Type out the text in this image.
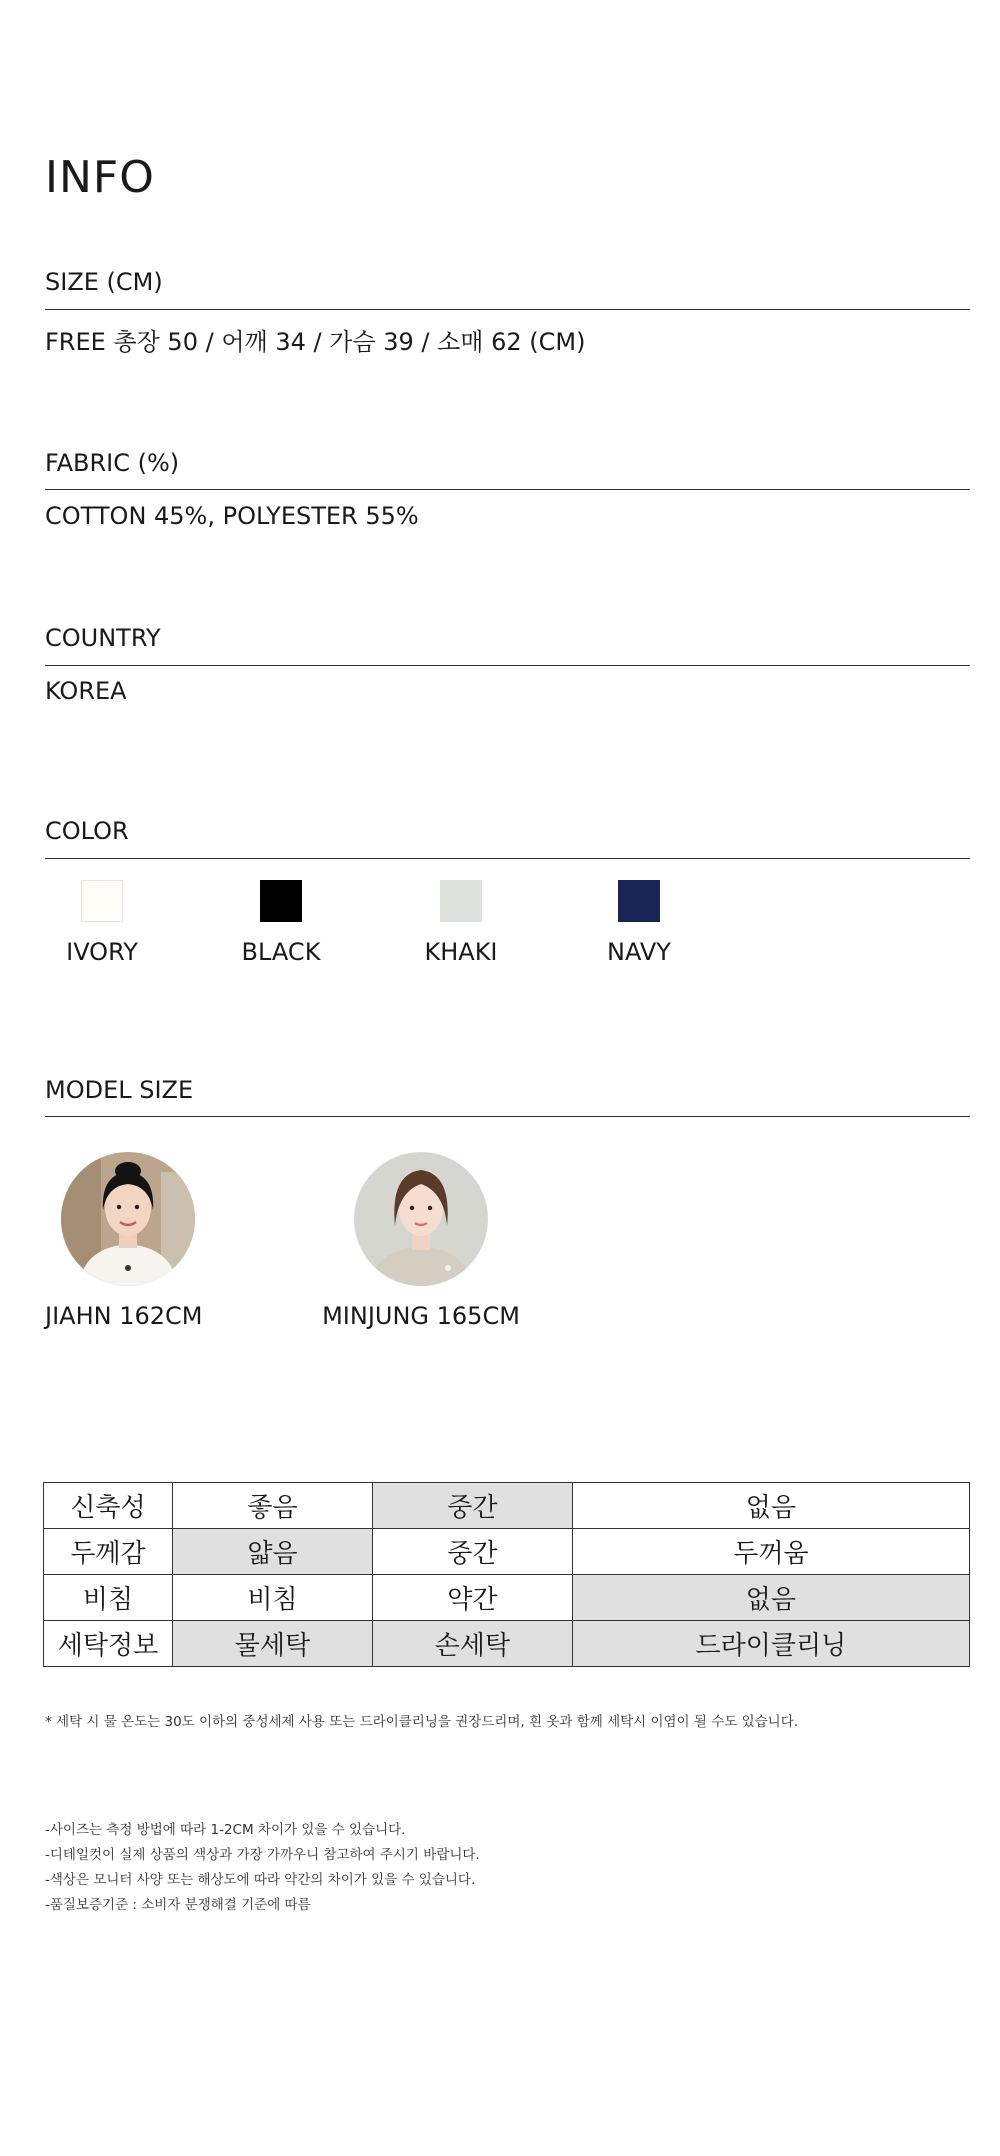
INFO
SIZE (CM)
FREE 총장 50 / 어깨 34 / 가슴 39 / 소매 62 (CM)
FABRIC (%)
COTTON 45%, POLYESTER 55%
COUNTRY
KOREA
COLOR
IVORY	BLACK	KHAKI	NAVY
MODEL SIZE
JIAHN 162CM	MINJUNG 165CM
신축성	좋음	중간	없음
두께감	얇음	중간	두꺼움
비침	비침	약간	없음
세탁정보	물세탁	손세탁	드라이클리닝
* 세탁 시 물 온도는 30도 이하의 중성세제 사용 또는 드라이클리닝을 권장드리며, 흰 옷과 함께 세탁시 이염이 될 수도 있습니다.
-사이즈는 측정 방법에 따라 1-2CM 차이가 있을 수 있습니다.
-디테일컷이 실제 상품의 색상과 가장 가까우니 참고하여 주시기 바랍니다.
-색상은 모니터 사양 또는 해상도에 따라 약간의 차이가 있을 수 있습니다.
-품질보증기준 : 소비자 분쟁해결 기준에 따름
